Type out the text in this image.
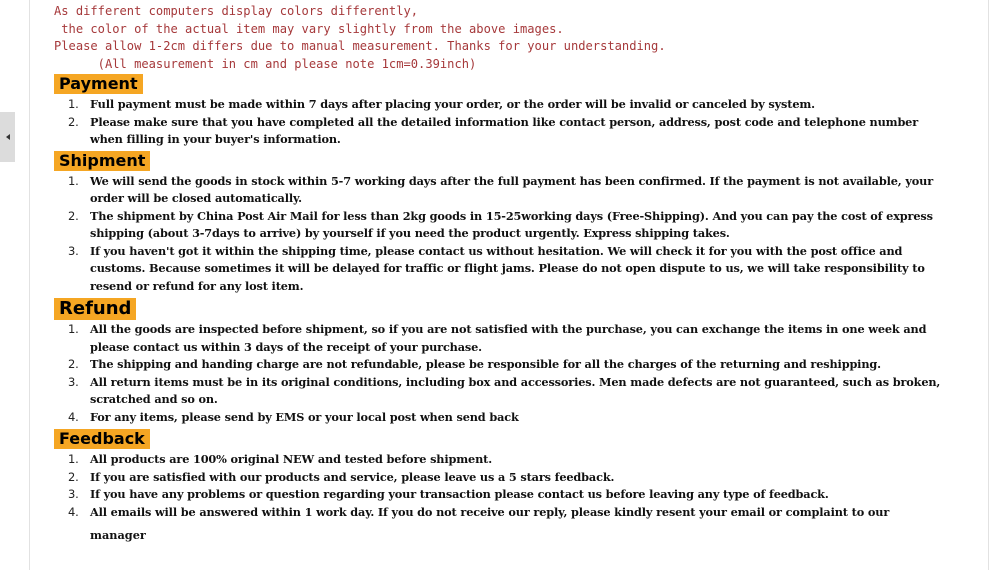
As different computers display colors differently,
the color of the actual item may vary slightly from the above images.
Please allow 1-2cm differs due to manual measurement. Thanks for your understanding.
(All measurement in cm and please note 1cm=0.39inch)
Payment
1. Full payment must be made within 7 days after placing your order, or the order will be invalid or canceled by system.
2. Please make sure that you have completed all the detailed information like contact person, address, post code and telephone number when filling in your buyer's information.
Shipment
1. We will send the goods in stock within 5-7 working days after the full payment has been confirmed. If the payment is not available, your order will be closed automatically.
2. The shipment by China Post Air Mail for less than 2kg goods in 15-25working days (Free-Shipping). And you can pay the cost of express shipping (about 3-7days to arrive) by yourself if you need the product urgently. Express shipping takes.
3. If you haven't got it within the shipping time, please contact us without hesitation. We will check it for you with the post office and customs. Because sometimes it will be delayed for traffic or flight jams. Please do not open dispute to us, we will take responsibility to resend or refund for any lost item.
Refund
1. All the goods are inspected before shipment, so if you are not satisfied with the purchase, you can exchange the items in one week and please contact us within 3 days of the receipt of your purchase.
2. The shipping and handing charge are not refundable, please be responsible for all the charges of the returning and reshipping.
3. All return items must be in its original conditions, including box and accessories. Men made defects are not guaranteed, such as broken, scratched and so on.
4. For any items, please send by EMS or your local post when send back
Feedback
1. All products are 100% original NEW and tested before shipment.
2. If you are satisfied with our products and service, please leave us a 5 stars feedback.
3. If you have any problems or question regarding your transaction please contact us before leaving any type of feedback.
4. All emails will be answered within 1 work day. If you do not receive our reply, please kindly resent your email or complaint to our
manager
